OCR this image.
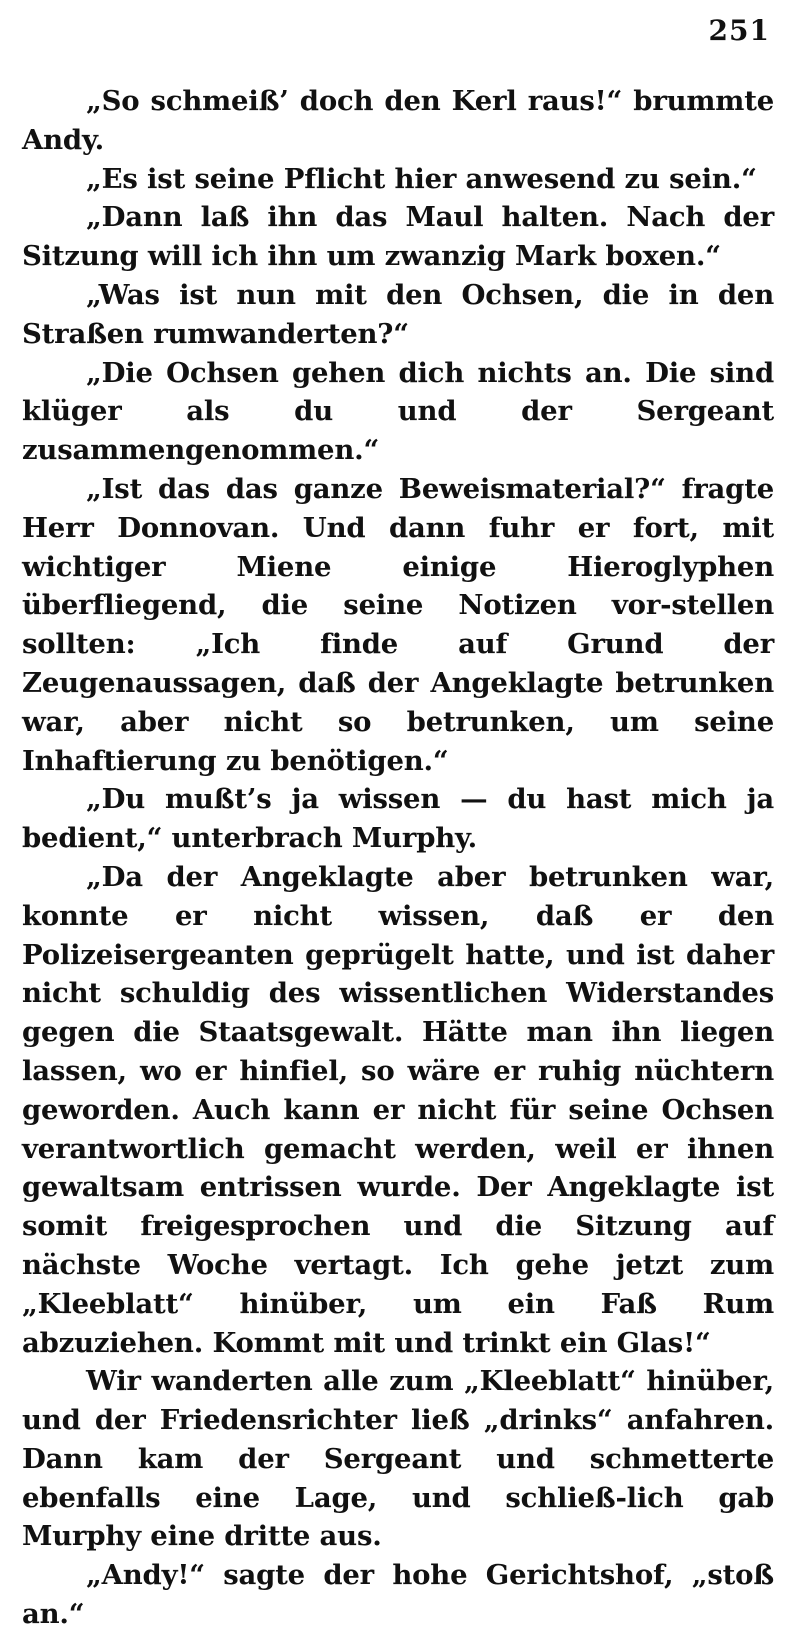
251

„So schmeiß’ doch den Kerl raus!“ brummte Andy.

„Es ist seine Pflicht hier anwesend zu sein.“

„Dann laß ihn das Maul halten. Nach der Sitzung will ich ihn um zwanzig Mark boxen.“

„Was ist nun mit den Ochsen, die in den Straßen rumwanderten?“

„Die Ochsen gehen dich nichts an. Die sind klüger als du und der Sergeant zusammengenommen.“

„Ist das das ganze Beweismaterial?“ fragte Herr Donnovan. Und dann fuhr er fort, mit wichtiger Miene einige Hieroglyphen überfliegend, die seine Notizen vor-stellen sollten: „Ich finde auf Grund der Zeugenaussagen, daß der Angeklagte betrunken war, aber nicht so betrunken, um seine Inhaftierung zu benötigen.“

„Du mußt’s ja wissen — du hast mich ja bedient,“ unterbrach Murphy.

„Da der Angeklagte aber betrunken war, konnte er nicht wissen, daß er den Polizeisergeanten geprügelt hatte, und ist daher nicht schuldig des wissentlichen Widerstandes gegen die Staatsgewalt. Hätte man ihn liegen lassen, wo er hinfiel, so wäre er ruhig nüchtern geworden. Auch kann er nicht für seine Ochsen verantwortlich gemacht werden, weil er ihnen gewaltsam entrissen wurde. Der Angeklagte ist somit freigesprochen und die Sitzung auf nächste Woche vertagt. Ich gehe jetzt zum „Kleeblatt“ hinüber, um ein Faß Rum abzuziehen. Kommt mit und trinkt ein Glas!“

Wir wanderten alle zum „Kleeblatt“ hinüber, und der Friedensrichter ließ „drinks“ anfahren. Dann kam der Sergeant und schmetterte ebenfalls eine Lage, und schließ-lich gab Murphy eine dritte aus.

„Andy!“ sagte der hohe Gerichtshof, „stoß an.“
